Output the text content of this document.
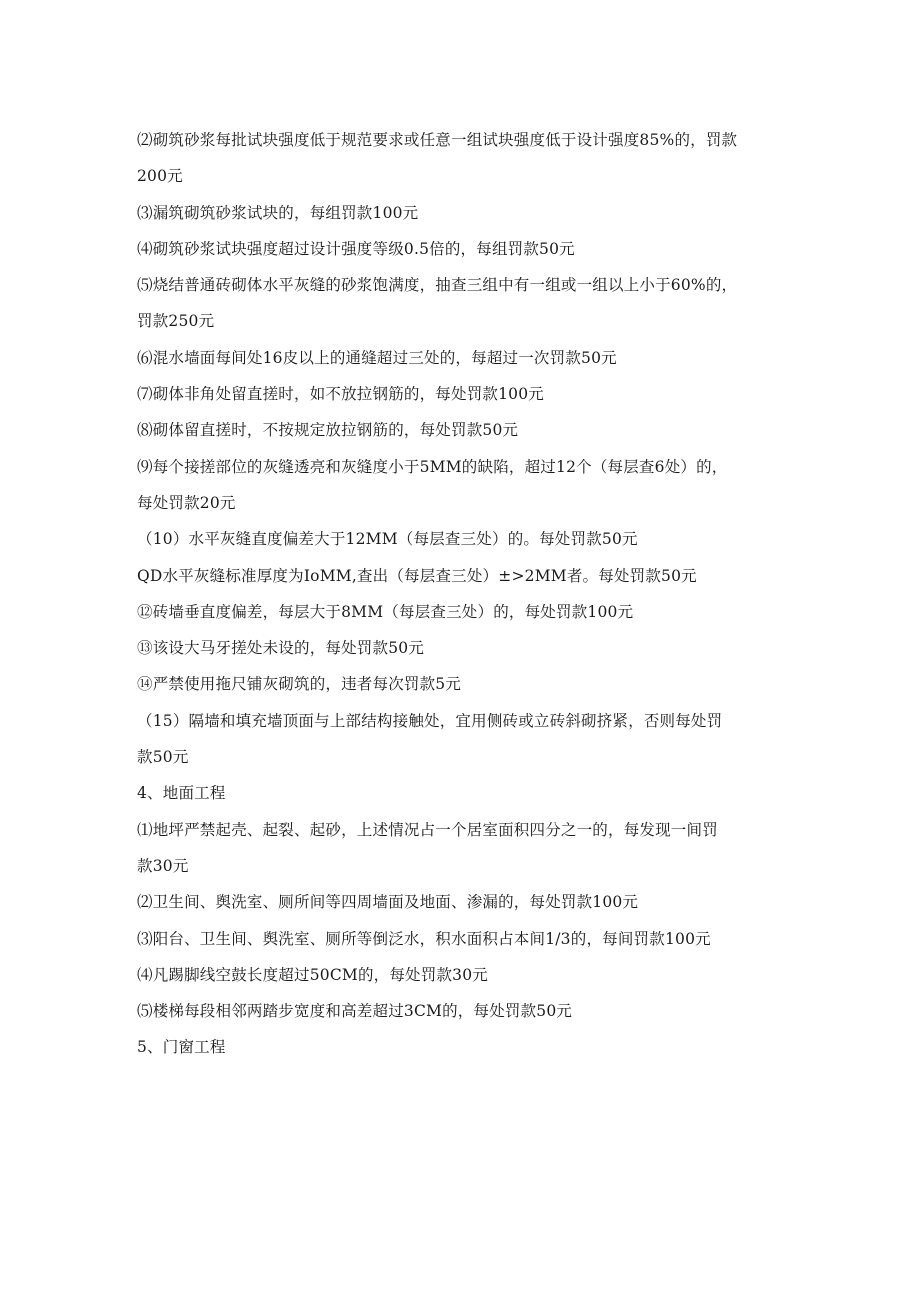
⑵砌筑砂浆每批试块强度低于规范要求或任意一组试块强度低于设计强度85%的，罚款
200元
⑶漏筑砌筑砂浆试块的，每组罚款100元
⑷砌筑砂浆试块强度超过设计强度等级0.5倍的，每组罚款50元
⑸烧结普通砖砌体水平灰缝的砂浆饱满度，抽查三组中有一组或一组以上小于60%的，
罚款250元
⑹混水墙面每间处16皮以上的通缝超过三处的，每超过一次罚款50元
⑺砌体非角处留直搓时，如不放拉钢筋的，每处罚款100元
⑻砌体留直搓时，不按规定放拉钢筋的，每处罚款50元
⑼每个接搓部位的灰缝透亮和灰缝度小于5MM的缺陷，超过12个（每层查6处）的，
每处罚款20元
（10）水平灰缝直度偏差大于12MM（每层查三处）的。每处罚款50元
QD水平灰缝标准厚度为IoMM,查出（每层查三处）±>2MM者。每处罚款50元
⑫砖墙垂直度偏差，每层大于8MM（每层查三处）的，每处罚款100元
⑬该设大马牙搓处未设的，每处罚款50元
⑭严禁使用拖尺铺灰砌筑的，违者每次罚款5元
（15）隔墙和填充墙顶面与上部结构接触处，宜用侧砖或立砖斜砌挤紧，否则每处罚
款50元
4、地面工程
⑴地坪严禁起壳、起裂、起砂，上述情况占一个居室面积四分之一的，每发现一间罚
款30元
⑵卫生间、舆洗室、厕所间等四周墙面及地面、渗漏的，每处罚款100元
⑶阳台、卫生间、舆洗室、厕所等倒泛水，积水面积占本间1/3的，每间罚款100元
⑷凡踢脚线空鼓长度超过50CM的，每处罚款30元
⑸楼梯每段相邻两踏步宽度和高差超过3CM的，每处罚款50元
5、门窗工程
